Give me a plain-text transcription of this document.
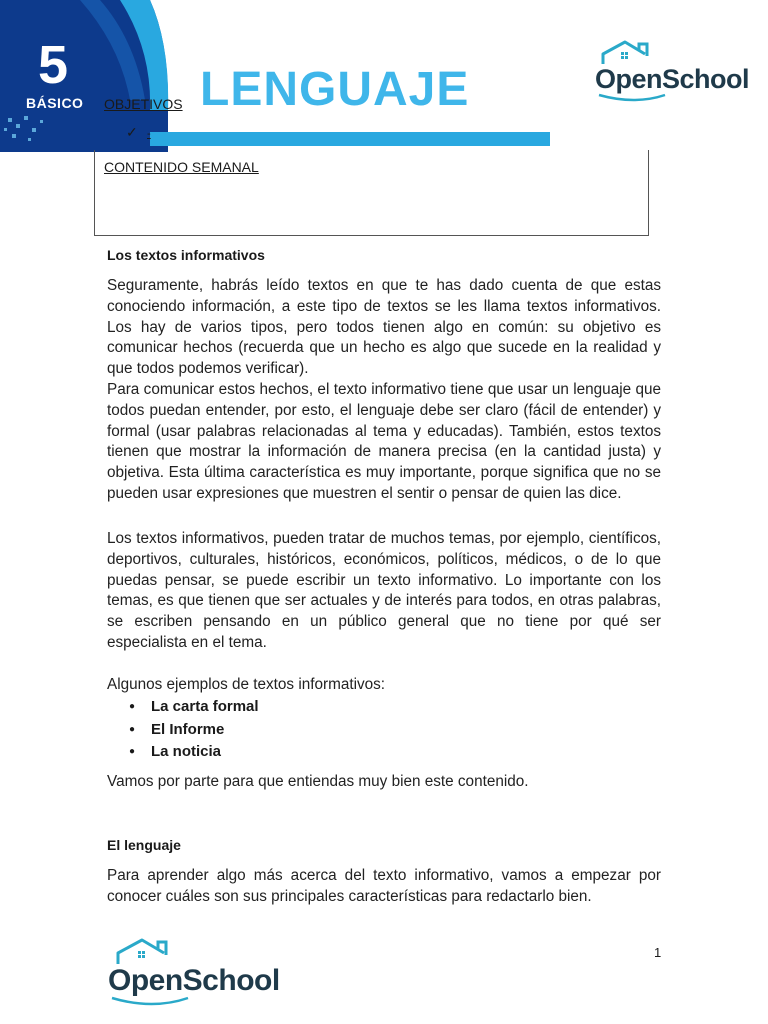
5
BÁSICO LENGUAJE	OpenSchool
OBJETIVOS
✓ -
CONTENIDO SEMANAL
Los textos informativos
Seguramente, habrás leído textos en que te has dado cuenta de que estas conociendo información, a este tipo de textos se les llama textos informativos. Los hay de varios tipos, pero todos tienen algo en común: su objetivo es comunicar hechos (recuerda que un hecho es algo que sucede en la realidad y que todos podemos verificar).
Para comunicar estos hechos, el texto informativo tiene que usar un lenguaje que todos puedan entender, por esto, el lenguaje debe ser claro (fácil de entender) y formal (usar palabras relacionadas al tema y educadas). También, estos textos tienen que mostrar la información de manera precisa (en la cantidad justa) y objetiva. Esta última característica es muy importante, porque significa que no se pueden usar expresiones que muestren el sentir o pensar de quien las dice.
Los textos informativos, pueden tratar de muchos temas, por ejemplo, científicos, deportivos, culturales, históricos, económicos, políticos, médicos, o de lo que puedas pensar, se puede escribir un texto informativo. Lo importante con los temas, es que tienen que ser actuales y de interés para todos, en otras palabras, se escriben pensando en un público general que no tiene por qué ser especialista en el tema.
Algunos ejemplos de textos informativos:
● La carta formal
● El Informe
● La noticia
Vamos por parte para que entiendas muy bien este contenido.
El lenguaje
Para aprender algo más acerca del texto informativo, vamos a empezar por conocer cuáles son sus principales características para redactarlo bien.
OpenSchool
1
